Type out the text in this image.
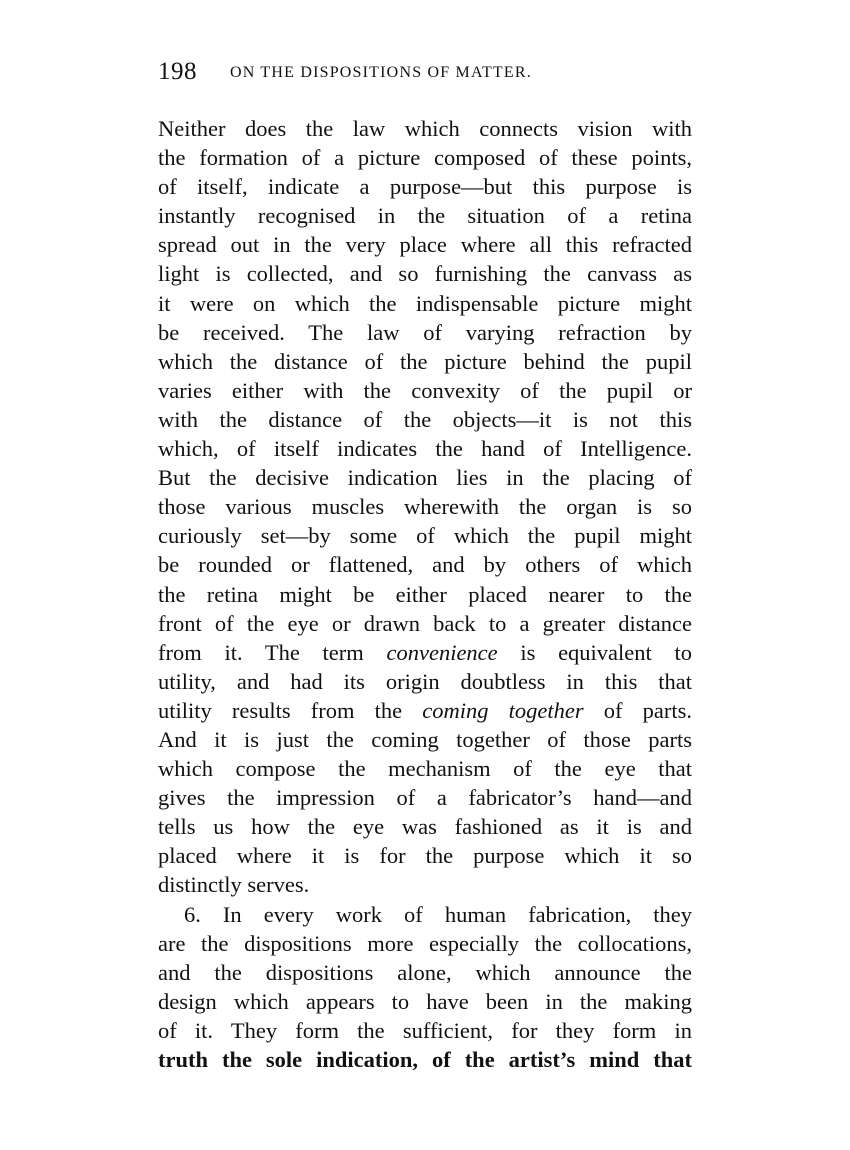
198 ON THE DISPOSITIONS OF MATTER.
Neither does the law which connects vision with
the formation of a picture composed of these points,
of itself, indicate a purpose—but this purpose is
instantly recognised in the situation of a retina
spread out in the very place where all this refracted
light is collected, and so furnishing the canvass as
it were on which the indispensable picture might
be received. The law of varying refraction by
which the distance of the picture behind the pupil
varies either with the convexity of the pupil or
with the distance of the objects—it is not this
which, of itself indicates the hand of Intelligence.
But the decisive indication lies in the placing of
those various muscles wherewith the organ is so
curiously set—by some of which the pupil might
be rounded or flattened, and by others of which
the retina might be either placed nearer to the
front of the eye or drawn back to a greater distance
from it. The term convenience is equivalent to
utility, and had its origin doubtless in this that
utility results from the coming together of parts.
And it is just the coming together of those parts
which compose the mechanism of the eye that
gives the impression of a fabricator’s hand—and
tells us how the eye was fashioned as it is and
placed where it is for the purpose which it so
distinctly serves.
6. In every work of human fabrication, they
are the dispositions more especially the collocations,
and the dispositions alone, which announce the
design which appears to have been in the making
of it. They form the sufficient, for they form in
truth the sole indication, of the artist’s mind that
